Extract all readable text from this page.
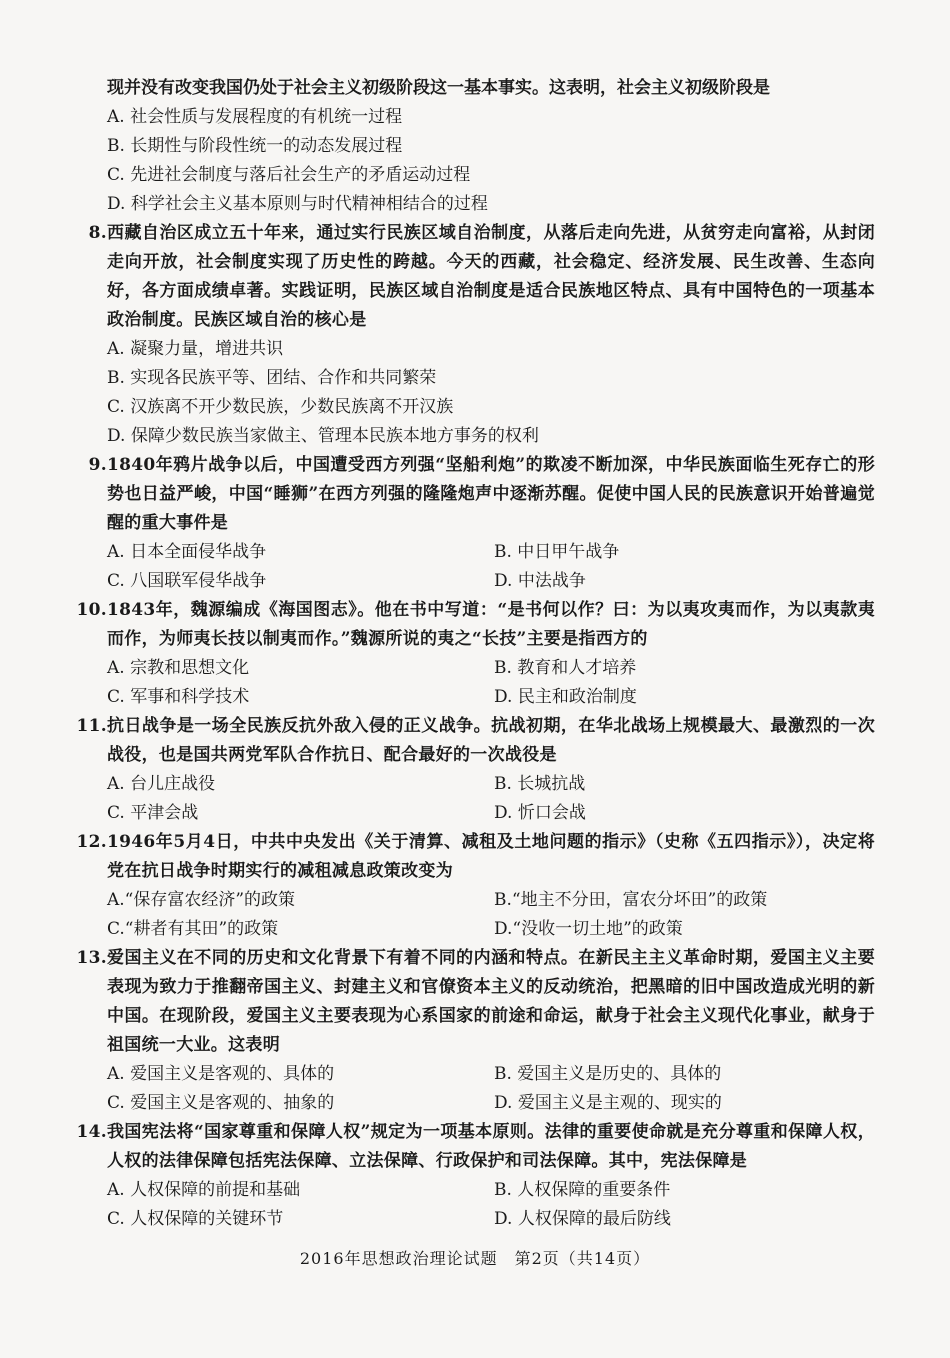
现并没有改变我国仍处于社会主义初级阶段这一基本事实。这表明，社会主义初级阶段是
A. 社会性质与发展程度的有机统一过程
B. 长期性与阶段性统一的动态发展过程
C. 先进社会制度与落后社会生产的矛盾运动过程
D. 科学社会主义基本原则与时代精神相结合的过程
8. 西藏自治区成立五十年来，通过实行民族区域自治制度，从落后走向先进，从贫穷走向富裕，从封闭走向开放，社会制度实现了历史性的跨越。今天的西藏，社会稳定、经济发展、民生改善、生态向好，各方面成绩卓著。实践证明，民族区域自治制度是适合民族地区特点、具有中国特色的一项基本政治制度。民族区域自治的核心是
A. 凝聚力量，增进共识
B. 实现各民族平等、团结、合作和共同繁荣
C. 汉族离不开少数民族，少数民族离不开汉族
D. 保障少数民族当家做主、管理本民族本地方事务的权利
9. 1840年鸦片战争以后，中国遭受西方列强“坚船利炮”的欺凌不断加深，中华民族面临生死存亡的形势也日益严峻，中国“睡狮”在西方列强的隆隆炮声中逐渐苏醒。促使中国人民的民族意识开始普遍觉醒的重大事件是
A. 日本全面侵华战争	B. 中日甲午战争
C. 八国联军侵华战争	D. 中法战争
10. 1843年，魏源编成《海国图志》。他在书中写道：“是书何以作？曰：为以夷攻夷而作，为以夷款夷而作，为师夷长技以制夷而作。”魏源所说的夷之“长技”主要是指西方的
A. 宗教和思想文化	B. 教育和人才培养
C. 军事和科学技术	D. 民主和政治制度
11. 抗日战争是一场全民族反抗外敌入侵的正义战争。抗战初期，在华北战场上规模最大、最激烈的一次战役，也是国共两党军队合作抗日、配合最好的一次战役是
A. 台儿庄战役	B. 长城抗战
C. 平津会战	D. 忻口会战
12. 1946年5月4日，中共中央发出《关于清算、减租及土地问题的指示》（史称《五四指示》），决定将党在抗日战争时期实行的减租减息政策改变为
A.“保存富农经济”的政策	B.“地主不分田，富农分坏田”的政策
C.“耕者有其田”的政策	D.“没收一切土地”的政策
13. 爱国主义在不同的历史和文化背景下有着不同的内涵和特点。在新民主主义革命时期，爱国主义主要表现为致力于推翻帝国主义、封建主义和官僚资本主义的反动统治，把黑暗的旧中国改造成光明的新中国。在现阶段，爱国主义主要表现为心系国家的前途和命运，献身于社会主义现代化事业，献身于祖国统一大业。这表明
A. 爱国主义是客观的、具体的	B. 爱国主义是历史的、具体的
C. 爱国主义是客观的、抽象的	D. 爱国主义是主观的、现实的
14. 我国宪法将“国家尊重和保障人权”规定为一项基本原则。法律的重要使命就是充分尊重和保障人权，人权的法律保障包括宪法保障、立法保障、行政保护和司法保障。其中，宪法保障是
A. 人权保障的前提和基础	B. 人权保障的重要条件
C. 人权保障的关键环节	D. 人权保障的最后防线
2016年思想政治理论试题　第2页（共14页）
